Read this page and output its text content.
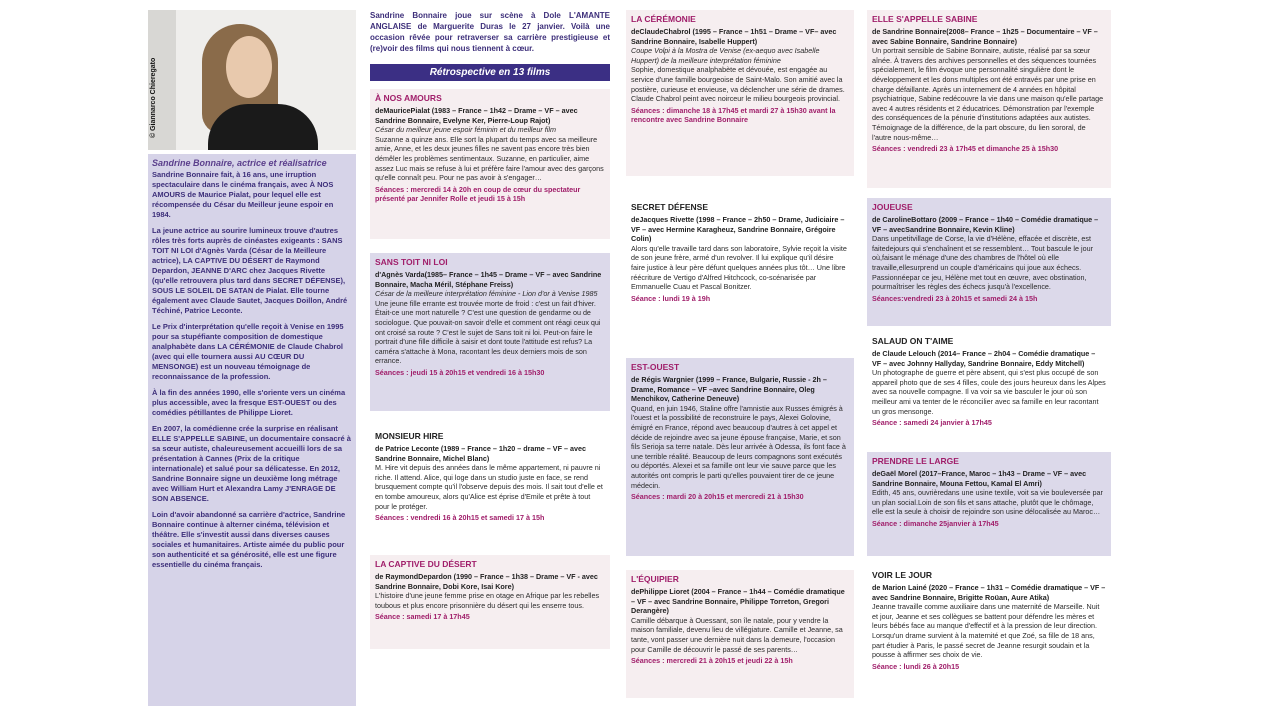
© Giannarco Chieregato
Sandrine Bonnaire, actrice et réalisatrice

Sandrine Bonnaire fait, à 16 ans, une irruption spectaculaire dans le cinéma français, avec À NOS AMOURS de Maurice Pialat, pour lequel elle est récompensée du César du Meilleur jeune espoir en 1984.

La jeune actrice au sourire lumineux trouve d'autres rôles très forts auprès de cinéastes exigeants : SANS TOIT NI LOI d'Agnès Varda (César de la Meilleure actrice), LA CAPTIVE DU DÉSERT de Raymond Depardon, JEANNE D'ARC chez Jacques Rivette (qu'elle retrouvera plus tard dans SECRET DÉFENSE), SOUS LE SOLEIL DE SATAN de Pialat. Elle tourne également avec Claude Sautet, Jacques Doillon, André Téchiné, Patrice Leconte.

Le Prix d'interprétation qu'elle reçoit à Venise en 1995 pour sa stupéfiante composition de domestique analphabète dans LA CÉRÉMONIE de Claude Chabrol (avec qui elle tournera aussi AU CŒUR DU MENSONGE) est un nouveau témoignage de reconnaissance de la profession.

À la fin des années 1990, elle s'oriente vers un cinéma plus accessible, avec la fresque EST-OUEST ou des comédies pétillantes de Philippe Lioret.

En 2007, la comédienne crée la surprise en réalisant ELLE S'APPELLE SABINE, un documentaire consacré à sa sœur autiste, chaleureusement accueilli lors de sa présentation à Cannes (Prix de la critique internationale) et salué pour sa délicatesse. En 2012, Sandrine Bonnaire signe un deuxième long métrage avec William Hurt et Alexandra Lamy J'ENRAGE DE SON ABSENCE.

Loin d'avoir abandonné sa carrière d'actrice, Sandrine Bonnaire continue à alterner cinéma, télévision et théâtre. Elle s'investit aussi dans diverses causes sociales et humanitaires. Artiste aimée du public pour son authenticité et sa générosité, elle est une figure essentielle du cinéma français.

Sandrine Bonnaire joue sur scène à Dole L'AMANTE ANGLAISE de Marguerite Duras le 27 janvier. Voilà une occasion rêvée pour retraverser sa carrière prestigieuse et (re)voir des films qui nous tiennent à cœur.
Rétrospective en 13 films
À NOS AMOURS
deMauricePialat (1983 – France – 1h42 – Drame – VF – avec Sandrine Bonnaire, Evelyne Ker, Pierre-Loup Rajot)
César du meilleur jeune espoir féminin et du meilleur film
Suzanne a quinze ans. Elle sort la plupart du temps avec sa meilleure amie, Anne, et les deux jeunes filles ne savent pas encore très bien démêler les problèmes sentimentaux. Suzanne, en particulier, aime assez Luc mais se refuse à lui et préfère faire l'amour avec des garçons qu'elle connaît peu. Pour ne pas avoir à s'engager…
Séances : mercredi 14 à 20h en coup de cœur du spectateur présenté par Jennifer Rolle et jeudi 15 à 15h
SANS TOIT NI LOI
d'Agnès Varda(1985– France – 1h45 – Drame – VF – avec Sandrine Bonnaire, Macha Méril, Stéphane Freiss)
César de la meilleure interprétation féminine - Lion d'or à Venise 1985
Une jeune fille errante est trouvée morte de froid : c'est un fait d'hiver. Était-ce une mort naturelle ? C'est une question de gendarme ou de sociologue. Que pouvait-on savoir d'elle et comment ont réagi ceux qui ont croisé sa route ? C'est le sujet de Sans toit ni loi. Peut-on faire le portrait d'une fille difficile à saisir et dont toute l'attitude est refus? La caméra s'attache à Mona, racontant les deux derniers mois de son errance.
Séances : jeudi 15 à 20h15 et vendredi 16 à 15h30
MONSIEUR HIRE
de Patrice Leconte (1989 – France – 1h20 – drame – VF – avec Sandrine Bonnaire, Michel Blanc)
M. Hire vit depuis des années dans le même appartement, ni pauvre ni riche. Il attend. Alice, qui loge dans un studio juste en face, se rend brusquement compte qu'il l'observe depuis des mois. Il sait tout d'elle et en tombe amoureux, alors qu'Alice est éprise d'Emile et prête à tout pour le protéger.
Séances : vendredi 16 à 20h15 et samedi 17 à 15h
LA CAPTIVE DU DÉSERT
de RaymondDepardon (1990 – France – 1h38 – Drame – VF - avec Sandrine Bonnaire, Dobi Kore, Isai Kore)
L'histoire d'une jeune femme prise en otage en Afrique par les rebelles toubous et plus encore prisonnière du désert qui les enserre tous.
Séance : samedi 17 à 17h45
LA CÉRÉMONIE
deClaudeChabrol (1995 – France – 1h51 – Drame – VF– avec Sandrine Bonnaire, Isabelle Huppert)
Coupe Volpi à la Mostra de Venise (ex-aequo avec Isabelle Huppert) de la meilleure interprétation féminine
Sophie, domestique analphabète et dévouée, est engagée au service d'une famille bourgeoise de Saint-Malo. Son amitié avec la postière, curieuse et envieuse, va déclencher une série de drames. Claude Chabrol peint avec noirceur le milieu bourgeois provincial.
Séances : dimanche 18 à 17h45 et mardi 27 à 15h30 avant la rencontre avec Sandrine Bonnaire
SECRET DÉFENSE
deJacques Rivette (1998 – France – 2h50 – Drame, Judiciaire – VF – avec Hermine Karagheuz, Sandrine Bonnaire, Grégoire Colin)
Alors qu'elle travaille tard dans son laboratoire, Sylvie reçoit la visite de son jeune frère, armé d'un revolver. Il lui explique qu'il désire faire justice à leur père défunt quelques années plus tôt… Une libre réécriture de Vertigo d'Alfred Hitchcock, co-scénarisée par Emmanuelle Cuau et Pascal Bonitzer.
Séance : lundi 19 à 19h
EST-OUEST
de Régis Wargnier (1999 – France, Bulgarie, Russie - 2h – Drame, Romance – VF –avec Sandrine Bonnaire, Oleg Menchikov, Catherine Deneuve)
Quand, en juin 1946, Staline offre l'amnistie aux Russes émigrés à l'ouest et la possibilité de reconstruire le pays, Alexei Golovine, émigré en France, répond avec beaucoup d'autres à cet appel et décide de rejoindre avec sa jeune épouse française, Marie, et son fils Serioja sa terre natale. Dès leur arrivée à Odessa, ils font face à une terrible réalité. Beaucoup de leurs compagnons sont exécutés ou déportés. Alexei et sa famille ont leur vie sauve parce que les autorités ont compris le parti qu'elles pouvaient tirer de ce jeune médecin.
Séances : mardi 20 à 20h15 et mercredi 21 à 15h30
L'ÉQUIPIER
dePhilippe Lioret (2004 – France – 1h44 – Comédie dramatique – VF – avec Sandrine Bonnaire, Philippe Torreton, Gregori Derangère)
Camille débarque à Ouessant, son île natale, pour y vendre la maison familiale, devenu lieu de villégiature. Camille et Jeanne, sa tante, vont passer une dernière nuit dans la demeure, l'occasion pour Camille de découvrir le passé de ses parents…
Séances : mercredi 21 à 20h15 et jeudi 22 à 15h
ELLE S'APPELLE SABINE
de Sandrine Bonnaire(2008– France – 1h25 – Documentaire – VF – avec Sabine Bonnaire, Sandrine Bonnaire)
Un portrait sensible de Sabine Bonnaire, autiste, réalisé par sa sœur aînée. À travers des archives personnelles et des séquences tournées spécialement, le film évoque une personnalité singulière dont le développement et les dons multiples ont été entravés par une prise en charge défaillante. Après un internement de 4 années en hôpital psychiatrique, Sabine redécouvre la vie dans une maison qu'elle partage avec 4 autres résidents et 2 éducatrices. Démonstration par l'exemple des conséquences de la pénurie d'institutions adaptées aux autistes. Témoignage de la différence, de la part obscure, du lien sororal, de l'autre nous-même…
Séances : vendredi 23 à 17h45 et dimanche 25 à 15h30
JOUEUSE
de CarolineBottaro (2009 – France – 1h40 – Comédie dramatique – VF – avecSandrine Bonnaire, Kevin Kline)
Dans unpetitvillage de Corse, la vie d'Hélène, effacée et discrète, est faitedejours qui s'enchaînent et se ressemblent… Tout bascule le jour où,faisant le ménage d'une des chambres de l'hôtel où elle travaille,ellesurprend un couple d'américains qui joue aux échecs. Passionnéepar ce jeu, Hélène met tout en œuvre, avec obstination, pourmaîtriser les règles des échecs jusqu'à l'excellence.
Séances:vendredi 23 à 20h15 et samedi 24 à 15h
SALAUD ON T'AIME
de Claude Lelouch (2014– France – 2h04 – Comédie dramatique – VF – avec Johnny Hallyday, Sandrine Bonnaire, Eddy Mitchell)
Un photographe de guerre et père absent, qui s'est plus occupé de son appareil photo que de ses 4 filles, coule des jours heureux dans les Alpes avec sa nouvelle compagne. Il va voir sa vie basculer le jour où son meilleur ami va tenter de le réconcilier avec sa famille en leur racontant un gros mensonge.
Séance : samedi 24 janvier à 17h45
PRENDRE LE LARGE
deGaël Morel (2017–France, Maroc – 1h43 – Drame – VF – avec Sandrine Bonnaire, Mouna Fettou, Kamal El Amri)
Edith, 45 ans, ouvrièredans une usine textile, voit sa vie bouleversée par un plan social.Loin de son fils et sans attache, plutôt que le chômage, elle est la seule à choisir de rejoindre son usine délocalisée au Maroc…
Séance : dimanche 25janvier à 17h45
VOIR LE JOUR
de Marion Lainé (2020 – France – 1h31 – Comédie dramatique – VF – avec Sandrine Bonnaire, Brigitte Roüan, Aure Atika)
Jeanne travaille comme auxiliaire dans une maternité de Marseille. Nuit et jour, Jeanne et ses collègues se battent pour défendre les mères et leurs bébés face au manque d'effectif et à la pression de leur direction. Lorsqu'un drame survient à la maternité et que Zoé, sa fille de 18 ans, part étudier à Paris, le passé secret de Jeanne resurgit soudain et la pousse à affirmer ses choix de vie.
Séance : lundi 26 à 20h15
